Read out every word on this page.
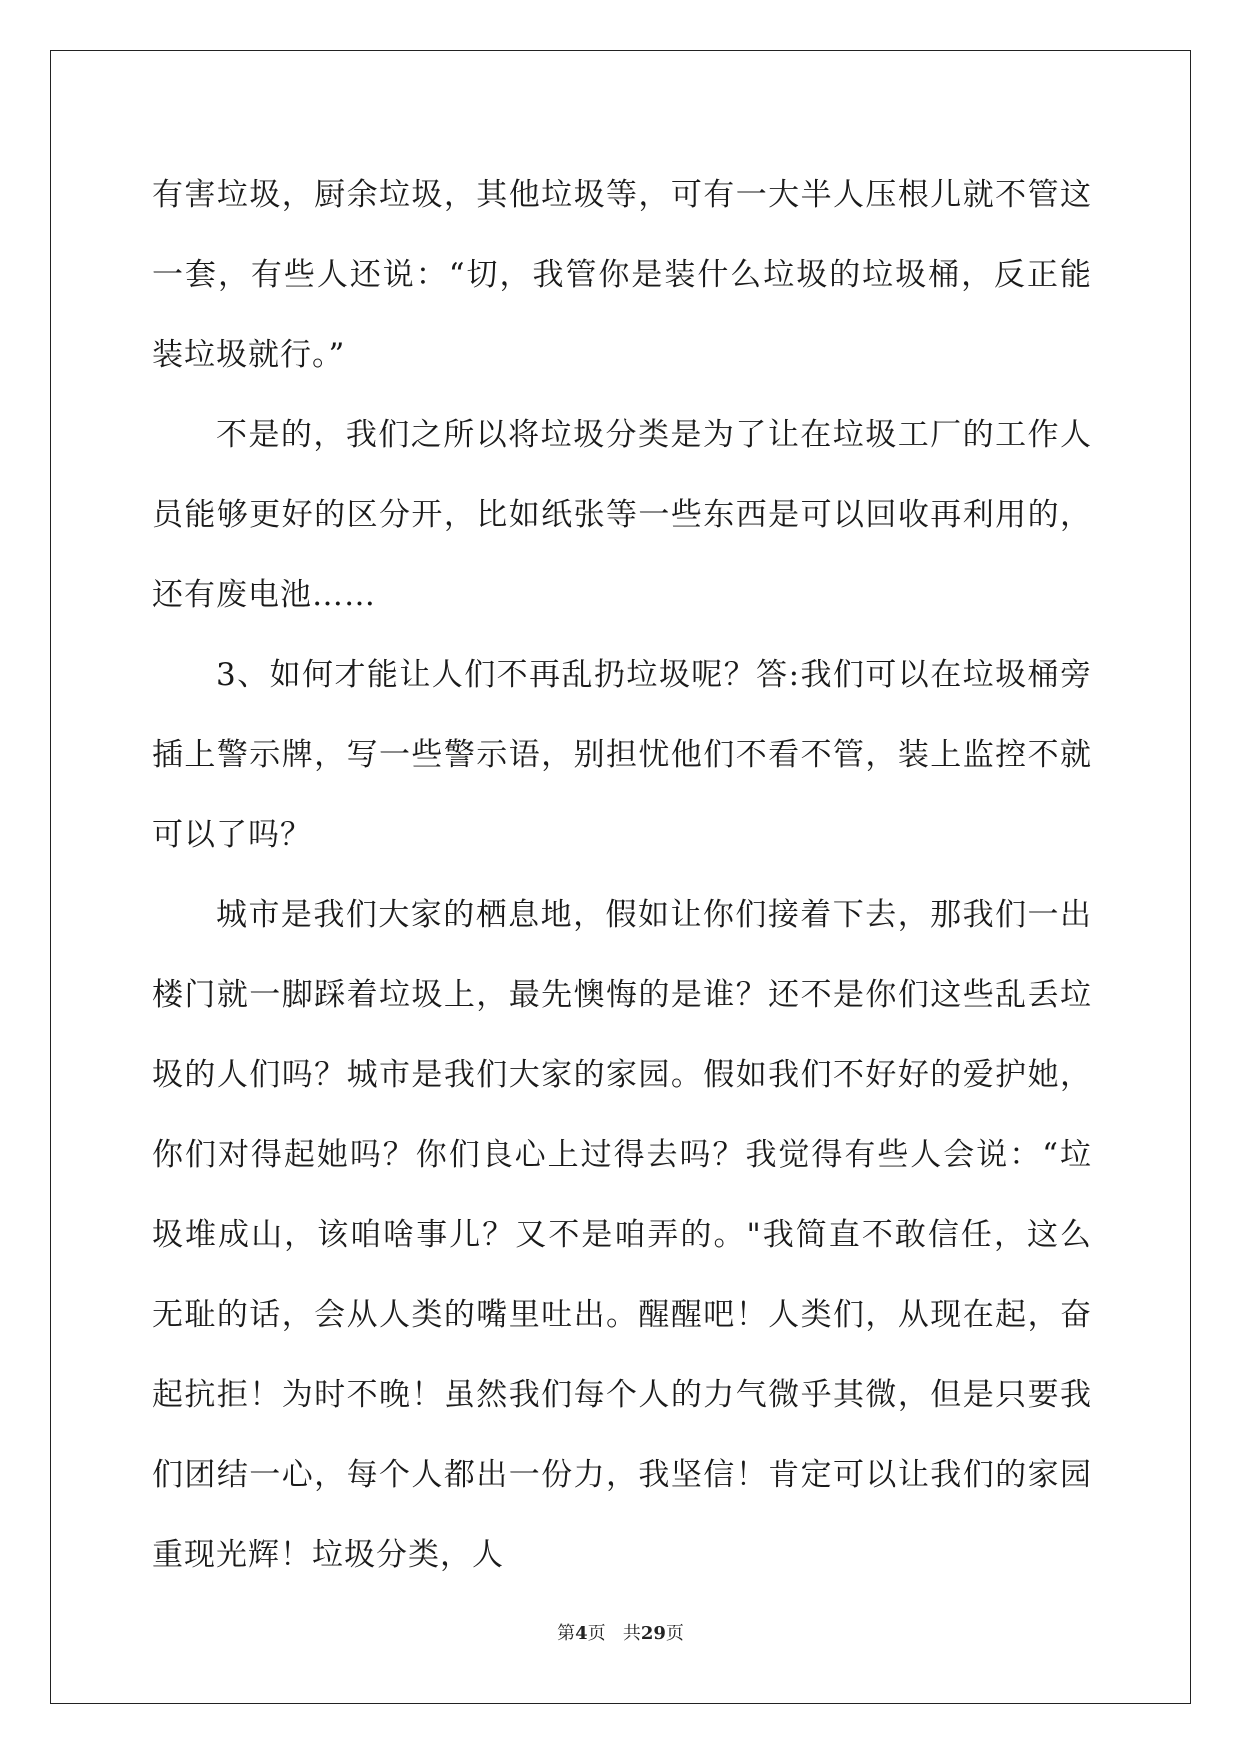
有害垃圾，厨余垃圾，其他垃圾等，可有一大半人压根儿就不管这一套，有些人还说：“切，我管你是装什么垃圾的垃圾桶，反正能装垃圾就行。”

不是的，我们之所以将垃圾分类是为了让在垃圾工厂的工作人员能够更好的区分开，比如纸张等一些东西是可以回收再利用的，还有废电池……

3、如何才能让人们不再乱扔垃圾呢？答:我们可以在垃圾桶旁插上警示牌，写一些警示语，别担忧他们不看不管，装上监控不就可以了吗？

城市是我们大家的栖息地，假如让你们接着下去，那我们一出楼门就一脚踩着垃圾上，最先懊悔的是谁？还不是你们这些乱丢垃圾的人们吗？城市是我们大家的家园。假如我们不好好的爱护她，你们对得起她吗？你们良心上过得去吗？我觉得有些人会说：“垃圾堆成山，该咱啥事儿？又不是咱弄的。"我简直不敢信任，这么无耻的话，会从人类的嘴里吐出。醒醒吧！人类们，从现在起，奋起抗拒！为时不晚！虽然我们每个人的力气微乎其微，但是只要我们团结一心，每个人都出一份力，我坚信！肯定可以让我们的家园重现光辉！垃圾分类，人

第4页 共29页
